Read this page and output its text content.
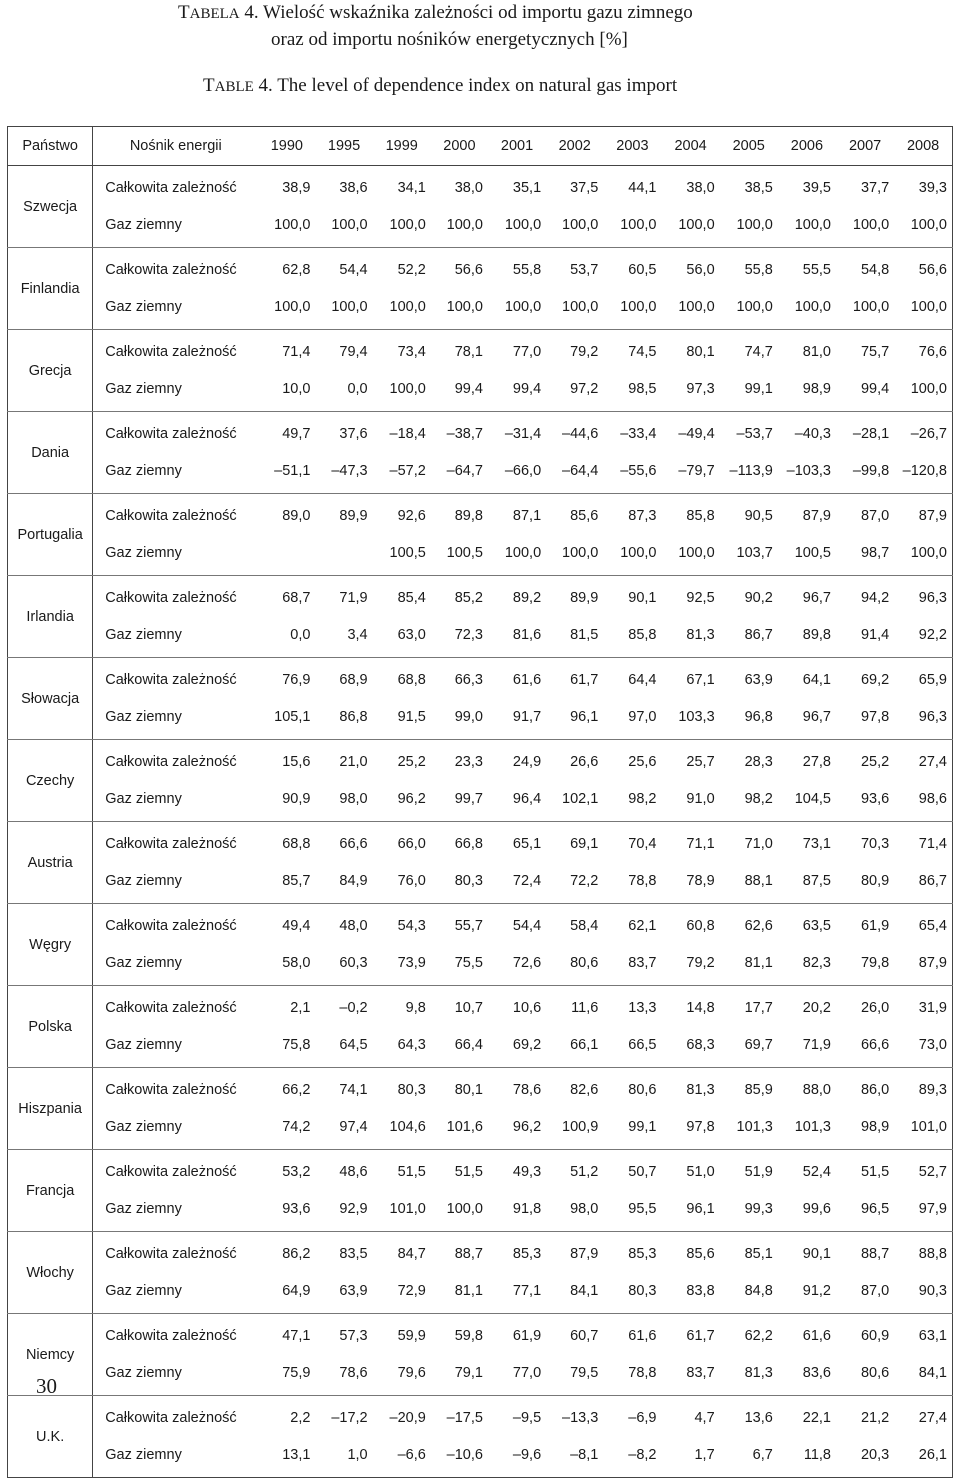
TABELA 4. Wielość wskaźnika zależności od importu gazu zimnego
oraz od importu nośników energetycznych [%]
TABLE 4. The level of dependence index on natural gas import
Państwo	Nośnik energii	1990	1995	1999	2000	2001	2002	2003	2004	2005	2006	2007	2008
Szwecja	Całkowita zależność	38,9	38,6	34,1	38,0	35,1	37,5	44,1	38,0	38,5	39,5	37,7	39,3
	Gaz ziemny	100,0	100,0	100,0	100,0	100,0	100,0	100,0	100,0	100,0	100,0	100,0	100,0
Finlandia	Całkowita zależność	62,8	54,4	52,2	56,6	55,8	53,7	60,5	56,0	55,8	55,5	54,8	56,6
	Gaz ziemny	100,0	100,0	100,0	100,0	100,0	100,0	100,0	100,0	100,0	100,0	100,0	100,0
Grecja	Całkowita zależność	71,4	79,4	73,4	78,1	77,0	79,2	74,5	80,1	74,7	81,0	75,7	76,6
	Gaz ziemny	10,0	0,0	100,0	99,4	99,4	97,2	98,5	97,3	99,1	98,9	99,4	100,0
Dania	Całkowita zależność	49,7	37,6	–18,4	–38,7	–31,4	–44,6	–33,4	–49,4	–53,7	–40,3	–28,1	–26,7
	Gaz ziemny	–51,1	–47,3	–57,2	–64,7	–66,0	–64,4	–55,6	–79,7	–113,9	–103,3	–99,8	–120,8
Portugalia	Całkowita zależność	89,0	89,9	92,6	89,8	87,1	85,6	87,3	85,8	90,5	87,9	87,0	87,9
	Gaz ziemny			100,5	100,5	100,0	100,0	100,0	100,0	103,7	100,5	98,7	100,0
Irlandia	Całkowita zależność	68,7	71,9	85,4	85,2	89,2	89,9	90,1	92,5	90,2	96,7	94,2	96,3
	Gaz ziemny	0,0	3,4	63,0	72,3	81,6	81,5	85,8	81,3	86,7	89,8	91,4	92,2
Słowacja	Całkowita zależność	76,9	68,9	68,8	66,3	61,6	61,7	64,4	67,1	63,9	64,1	69,2	65,9
	Gaz ziemny	105,1	86,8	91,5	99,0	91,7	96,1	97,0	103,3	96,8	96,7	97,8	96,3
Czechy	Całkowita zależność	15,6	21,0	25,2	23,3	24,9	26,6	25,6	25,7	28,3	27,8	25,2	27,4
	Gaz ziemny	90,9	98,0	96,2	99,7	96,4	102,1	98,2	91,0	98,2	104,5	93,6	98,6
Austria	Całkowita zależność	68,8	66,6	66,0	66,8	65,1	69,1	70,4	71,1	71,0	73,1	70,3	71,4
	Gaz ziemny	85,7	84,9	76,0	80,3	72,4	72,2	78,8	78,9	88,1	87,5	80,9	86,7
Węgry	Całkowita zależność	49,4	48,0	54,3	55,7	54,4	58,4	62,1	60,8	62,6	63,5	61,9	65,4
	Gaz ziemny	58,0	60,3	73,9	75,5	72,6	80,6	83,7	79,2	81,1	82,3	79,8	87,9
Polska	Całkowita zależność	2,1	–0,2	9,8	10,7	10,6	11,6	13,3	14,8	17,7	20,2	26,0	31,9
	Gaz ziemny	75,8	64,5	64,3	66,4	69,2	66,1	66,5	68,3	69,7	71,9	66,6	73,0
Hiszpania	Całkowita zależność	66,2	74,1	80,3	80,1	78,6	82,6	80,6	81,3	85,9	88,0	86,0	89,3
	Gaz ziemny	74,2	97,4	104,6	101,6	96,2	100,9	99,1	97,8	101,3	101,3	98,9	101,0
Francja	Całkowita zależność	53,2	48,6	51,5	51,5	49,3	51,2	50,7	51,0	51,9	52,4	51,5	52,7
	Gaz ziemny	93,6	92,9	101,0	100,0	91,8	98,0	95,5	96,1	99,3	99,6	96,5	97,9
Włochy	Całkowita zależność	86,2	83,5	84,7	88,7	85,3	87,9	85,3	85,6	85,1	90,1	88,7	88,8
	Gaz ziemny	64,9	63,9	72,9	81,1	77,1	84,1	80,3	83,8	84,8	91,2	87,0	90,3
Niemcy	Całkowita zależność	47,1	57,3	59,9	59,8	61,9	60,7	61,6	61,7	62,2	61,6	60,9	63,1
	Gaz ziemny	75,9	78,6	79,6	79,1	77,0	79,5	78,8	83,7	81,3	83,6	80,6	84,1
U.K.	Całkowita zależność	2,2	–17,2	–20,9	–17,5	–9,5	–13,3	–6,9	4,7	13,6	22,1	21,2	27,4
	Gaz ziemny	13,1	1,0	–6,6	–10,6	–9,6	–8,1	–8,2	1,7	6,7	11,8	20,3	26,1
30
